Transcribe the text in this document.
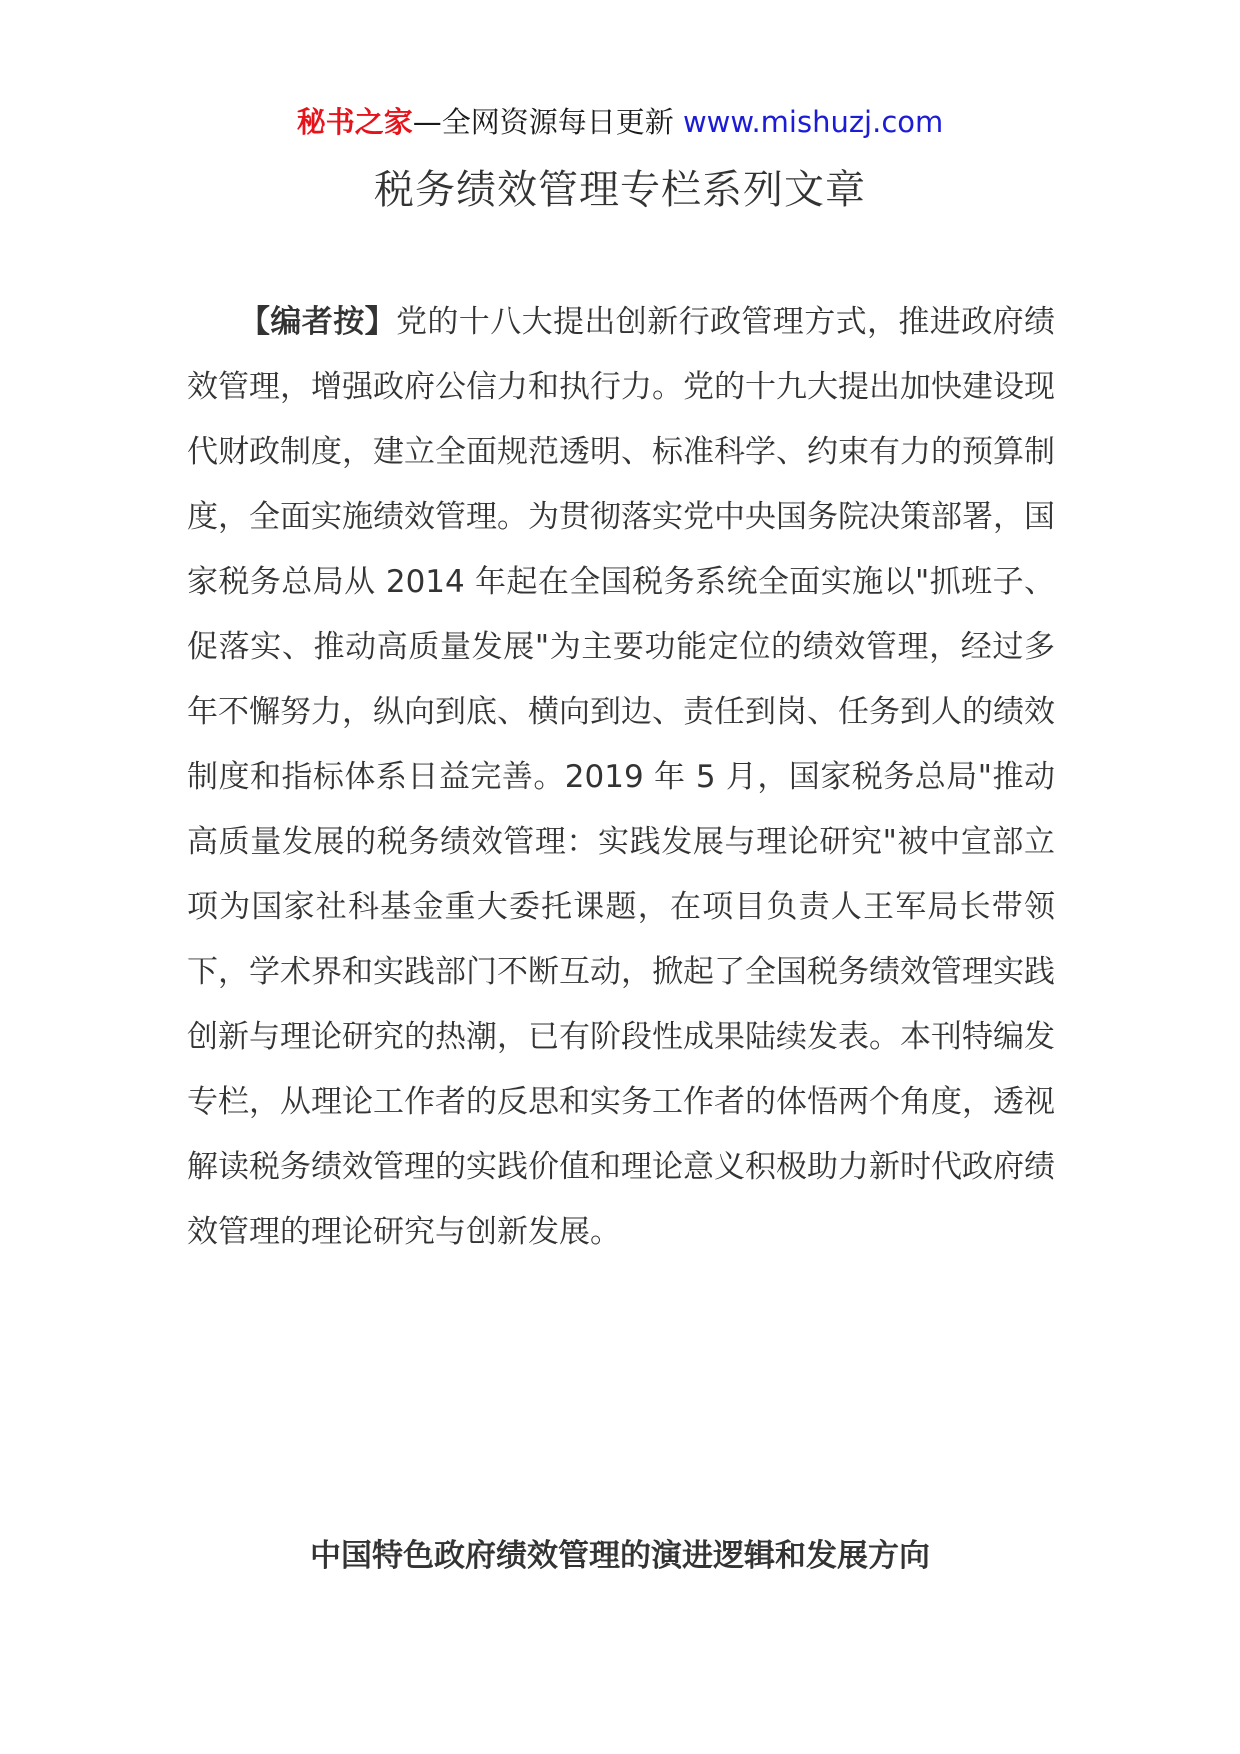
秘书之家—全网资源每日更新 www.mishuzj.com
税务绩效管理专栏系列文章

【编者按】党的十八大提出创新行政管理方式，推进政府绩效管理，增强政府公信力和执行力。党的十九大提出加快建设现代财政制度，建立全面规范透明、标准科学、约束有力的预算制度，全面实施绩效管理。为贯彻落实党中央国务院决策部署，国家税务总局从 2014 年起在全国税务系统全面实施以"抓班子、促落实、推动高质量发展"为主要功能定位的绩效管理，经过多年不懈努力，纵向到底、横向到边、责任到岗、任务到人的绩效制度和指标体系日益完善。2019 年 5 月，国家税务总局"推动高质量发展的税务绩效管理：实践发展与理论研究"被中宣部立项为国家社科基金重大委托课题，在项目负责人王军局长带领下，学术界和实践部门不断互动，掀起了全国税务绩效管理实践创新与理论研究的热潮，已有阶段性成果陆续发表。本刊特编发专栏，从理论工作者的反思和实务工作者的体悟两个角度，透视解读税务绩效管理的实践价值和理论意义积极助力新时代政府绩效管理的理论研究与创新发展。

中国特色政府绩效管理的演进逻辑和发展方向
